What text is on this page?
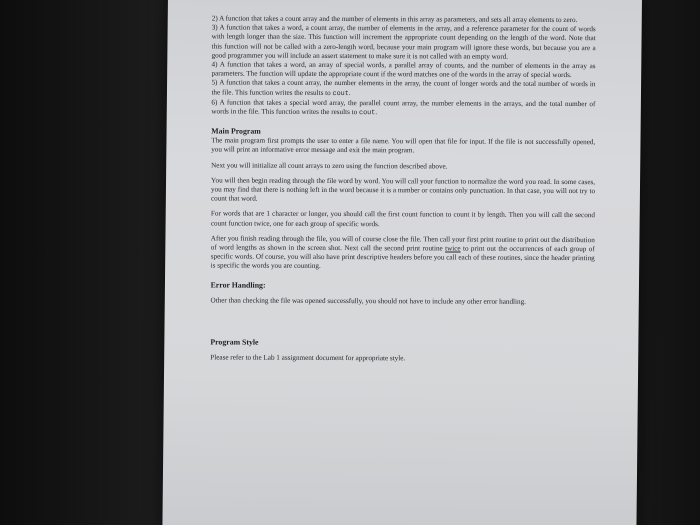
2) A function that takes a count array and the number of elements in this array as parameters, and sets all array elements to zero.

3) A function that takes a word, a count array, the number of elements in the array, and a reference parameter for the count of words with length longer than the size. This function will increment the appropriate count depending on the length of the word. Note that this function will not be called with a zero-length word, because your main program will ignore these words, but because you are a good programmer you will include an assert statement to make sure it is not called with an empty word.

4) A function that takes a word, an array of special words, a parallel array of counts, and the number of elements in the array as parameters. The function will update the appropriate count if the word matches one of the words in the array of special words.

5) A function that takes a count array, the number elements in the array, the count of longer words and the total number of words in the file. This function writes the results to cout.

6) A function that takes a special word array, the parallel count array, the number elements in the arrays, and the total number of words in the file. This function writes the results to cout.

Main Program

The main program first prompts the user to enter a file name. You will open that file for input. If the file is not successfully opened, you will print an informative error message and exit the main program.

Next you will initialize all count arrays to zero using the function described above.

You will then begin reading through the file word by word. You will call your function to normalize the word you read. In some cases, you may find that there is nothing left in the word because it is a number or contains only punctuation. In that case, you will not try to count that word.

For words that are 1 character or longer, you should call the first count function to count it by length. Then you will call the second count function twice, one for each group of specific words.

After you finish reading through the file, you will of course close the file. Then call your first print routine to print out the distribution of word lengths as shown in the screen shot. Next call the second print routine twice to print out the occurrences of each group of specific words. Of course, you will also have print descriptive headers before you call each of these routines, since the header printing is specific the words you are counting.

Error Handling:

Other than checking the file was opened successfully, you should not have to include any other error handling.

Program Style

Please refer to the Lab 1 assignment document for appropriate style.
